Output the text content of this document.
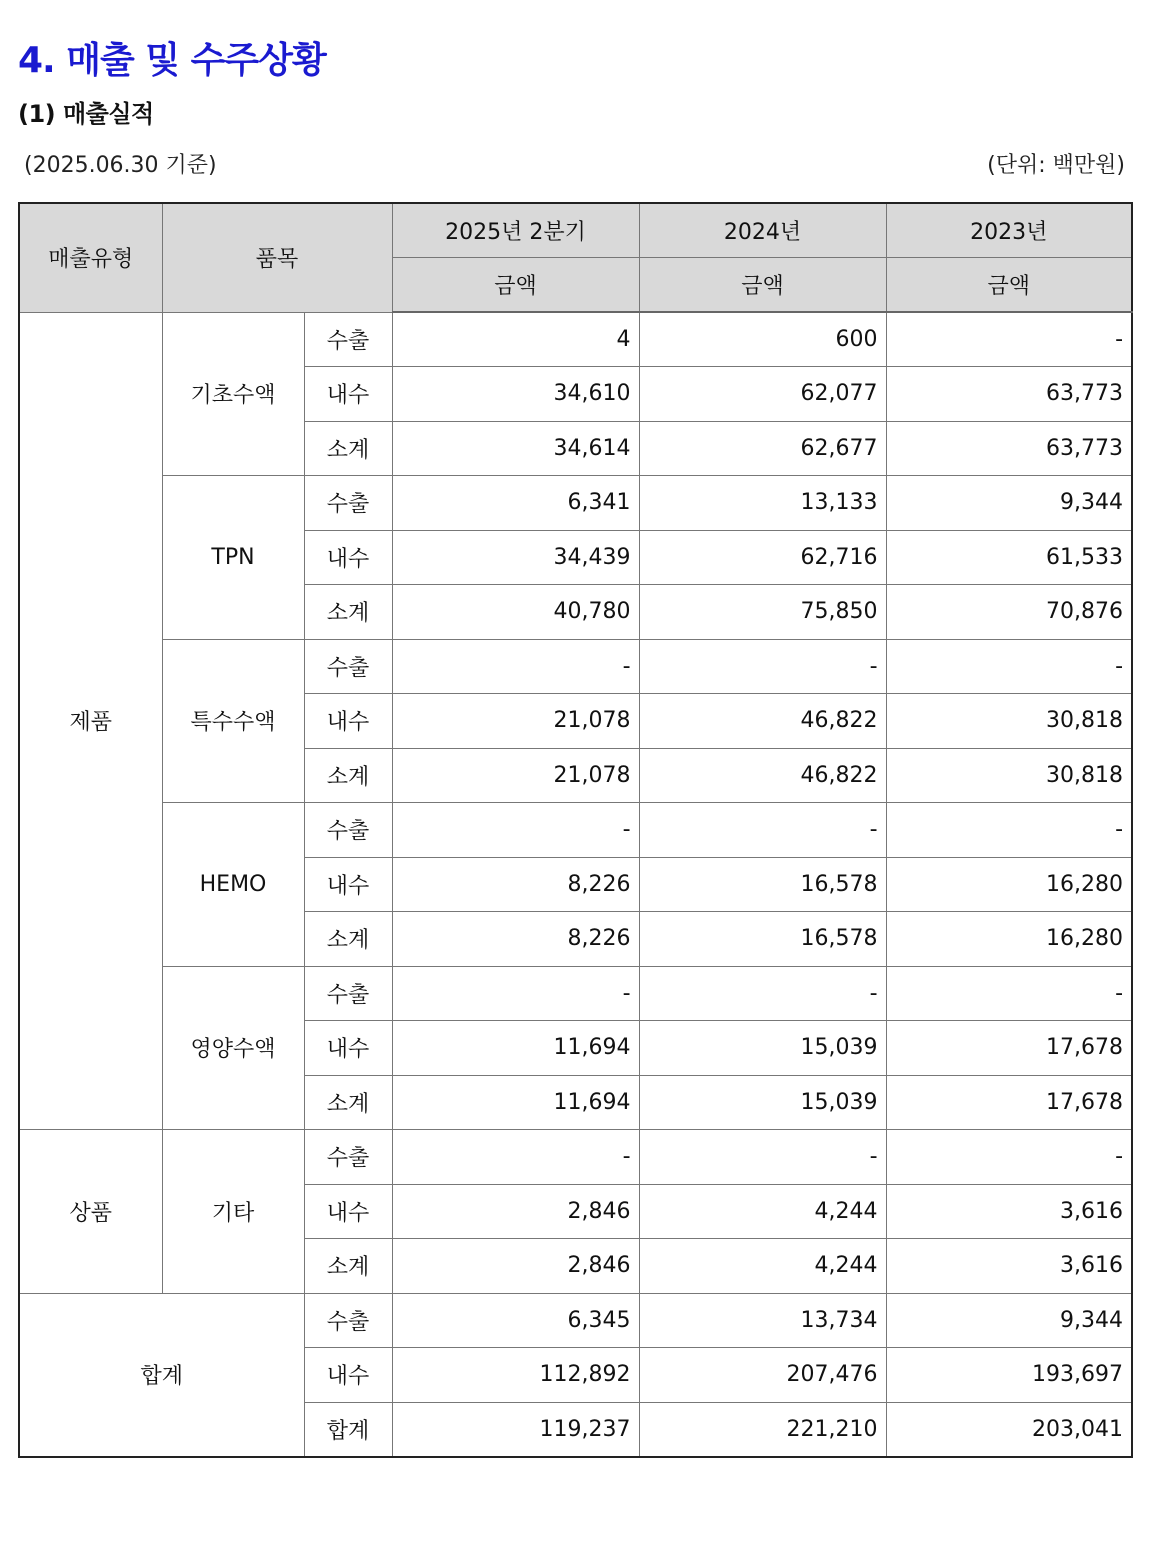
4. 매출 및 수주상황
(1) 매출실적
(2025.06.30 기준)	(단위: 백만원)
매출유형	품목		2025년 2분기	2024년	2023년
			금액	금액	금액
제품	기초수액	수출	4	600	-
		내수	34,610	62,077	63,773
		소계	34,614	62,677	63,773
	TPN	수출	6,341	13,133	9,344
		내수	34,439	62,716	61,533
		소계	40,780	75,850	70,876
	특수수액	수출	-	-	-
		내수	21,078	46,822	30,818
		소계	21,078	46,822	30,818
	HEMO	수출	-	-	-
		내수	8,226	16,578	16,280
		소계	8,226	16,578	16,280
	영양수액	수출	-	-	-
		내수	11,694	15,039	17,678
		소계	11,694	15,039	17,678
상품	기타	수출	-	-	-
		내수	2,846	4,244	3,616
		소계	2,846	4,244	3,616
합계		수출	6,345	13,734	9,344
		내수	112,892	207,476	193,697
		합계	119,237	221,210	203,041
